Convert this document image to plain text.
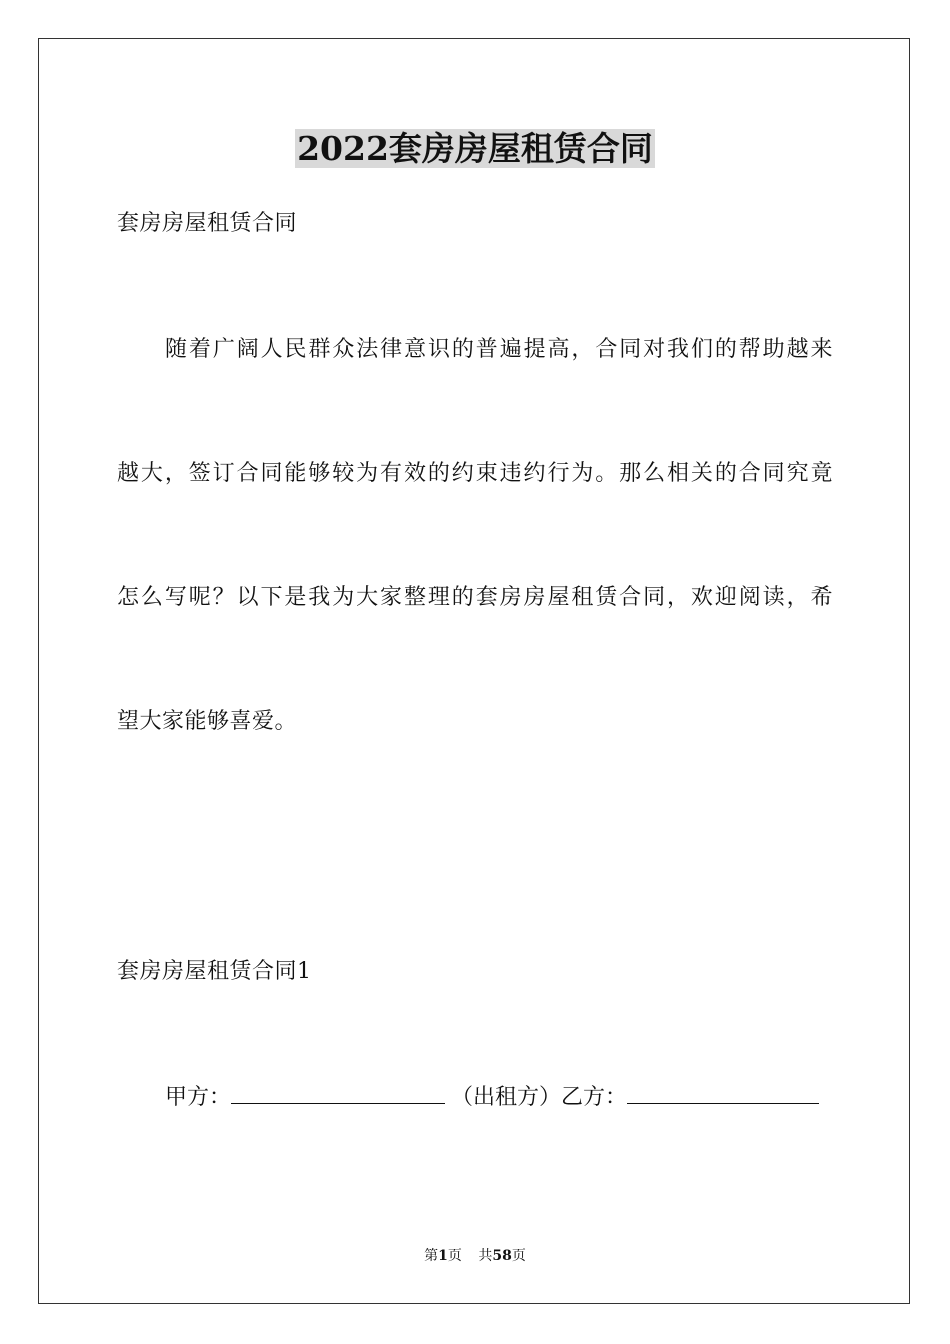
2022套房房屋租赁合同
套房房屋租赁合同
随着广阔人民群众法律意识的普遍提高，合同对我们的帮助越来
越大，签订合同能够较为有效的约束违约行为。那么相关的合同究竟
怎么写呢？以下是我为大家整理的套房房屋租赁合同，欢迎阅读，希
望大家能够喜爱。
套房房屋租赁合同1
甲方：	（出租方）乙方：
第1页 共58页
